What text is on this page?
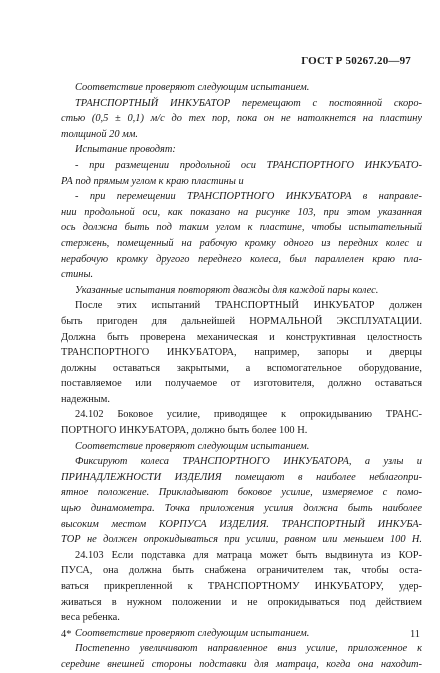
ГОСТ Р 50267.20—97
Соответствие проверяют следующим испытанием.
ТРАНСПОРТНЫЙ ИНКУБАТОР перемещают с постоянной скоро-
стью (0,5 ± 0,1) м/с до тех пор, пока он не натолкнется на пластину
толщиной 20 мм.
Испытание проводят:
- при размещении продольной оси ТРАНСПОРТНОГО ИНКУБАТО-
РА под прямым углом к краю пластины и
- при перемещении ТРАНСПОРТНОГО ИНКУБАТОРА в направле-
нии продольной оси, как показано на рисунке 103, при этом указанная
ось должна быть под таким углом к пластине, чтобы испытательный
стержень, помещенный на рабочую кромку одного из передних колес и
нерабочую кромку другого переднего колеса, был параллелен краю пла-
стины.
Указанные испытания повторяют дважды для каждой пары колес.
После этих испытаний ТРАНСПОРТНЫЙ ИНКУБАТОР должен
быть пригоден для дальнейшей НОРМАЛЬНОЙ ЭКСПЛУАТАЦИИ.
Должна быть проверена механическая и конструктивная целостность
ТРАНСПОРТНОГО ИНКУБАТОРА, например, запоры и дверцы
должны оставаться закрытыми, а вспомогательное оборудование,
поставляемое или получаемое от изготовителя, должно оставаться
надежным.
24.102 Боковое усилие, приводящее к опрокидыванию ТРАНС-
ПОРТНОГО ИНКУБАТОРА, должно быть более 100 Н.
Соответствие проверяют следующим испытанием.
Фиксируют колеса ТРАНСПОРТНОГО ИНКУБАТОРА, а узлы и
ПРИНАДЛЕЖНОСТИ ИЗДЕЛИЯ помещают в наиболее неблагопри-
ятное положение. Прикладывают боковое усилие, измеряемое с помо-
щью динамометра. Точка приложения усилия должна быть наиболее
высоким местом КОРПУСА ИЗДЕЛИЯ. ТРАНСПОРТНЫЙ ИНКУБА-
ТОР не должен опрокидываться при усилии, равном или меньшем 100 Н.
24.103 Если подставка для матраца может быть выдвинута из КОР-
ПУСА, она должна быть снабжена ограничителем так, чтобы оста-
ваться прикрепленной к ТРАНСПОРТНОМУ ИНКУБАТОРУ, удер-
живаться в нужном положении и не опрокидываться под действием
веса ребенка.
Соответствие проверяют следующим испытанием.
Постепенно увеличивают направленное вниз усилие, приложенное к
середине внешней стороны подставки для матраца, когда она находит-
4*	11
